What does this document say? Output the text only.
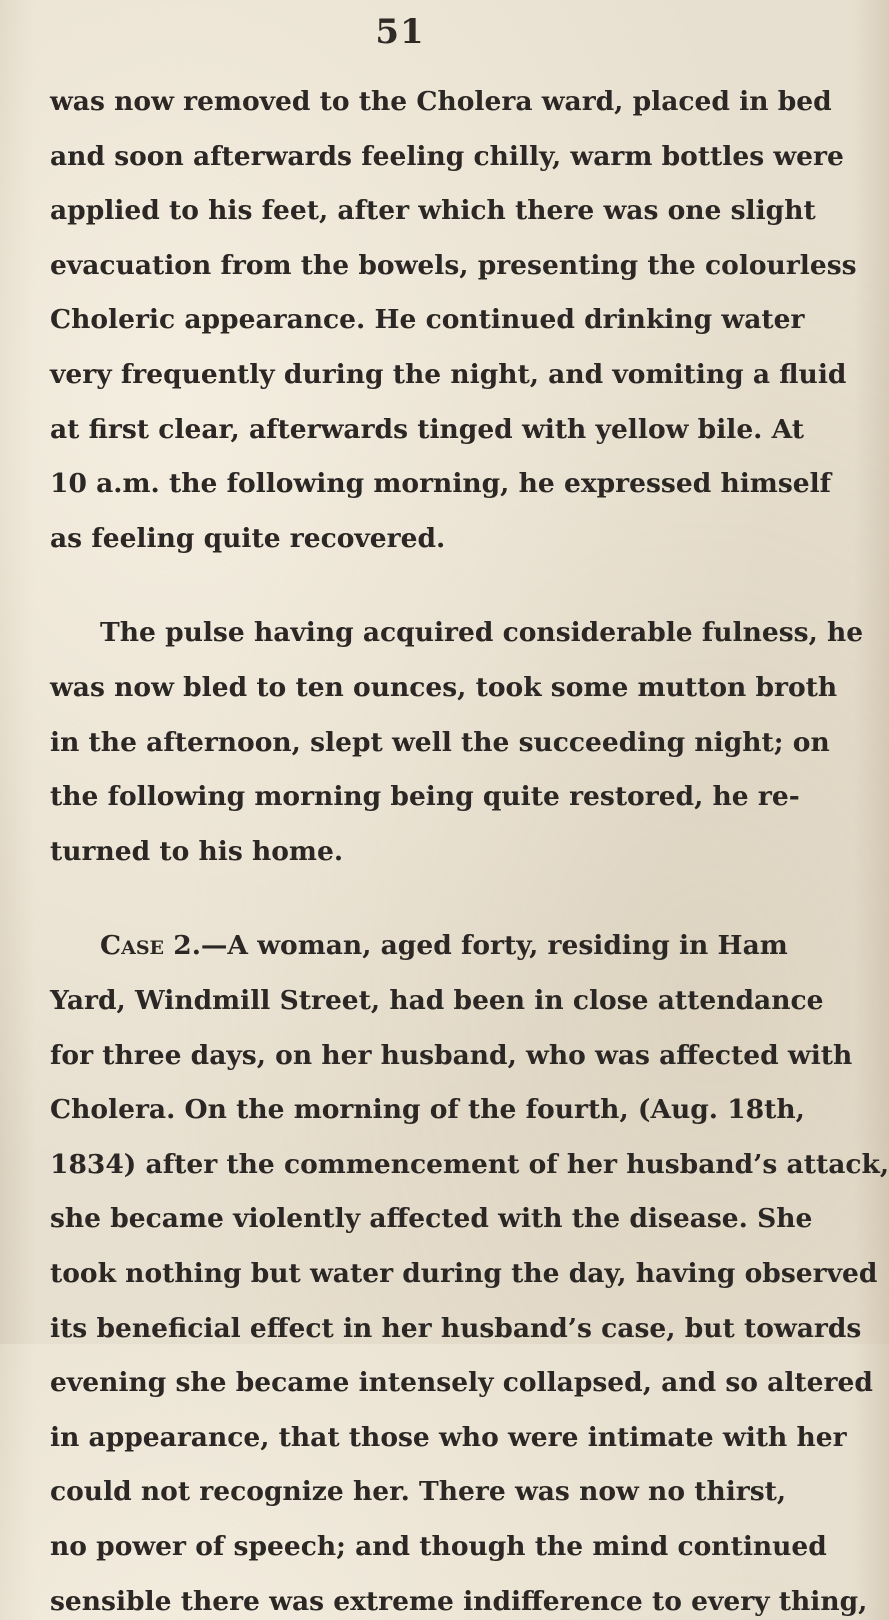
51

was now removed to the Cholera ward, placed in bed

and soon afterwards feeling chilly, warm bottles were

applied to his feet, after which there was one slight

evacuation from the bowels, presenting the colourless

Choleric appearance. He continued drinking water

very frequently during the night, and vomiting a fluid

at first clear, afterwards tinged with yellow bile. At

10 a.m. the following morning, he expressed himself

as feeling quite recovered.

The pulse having acquired considerable fulness, he

was now bled to ten ounces, took some mutton broth

in the afternoon, slept well the succeeding night; on

the following morning being quite restored, he re-

turned to his home.

Case 2.—A woman, aged forty, residing in Ham

Yard, Windmill Street, had been in close attendance

for three days, on her husband, who was affected with

Cholera. On the morning of the fourth, (Aug. 18th,

1834) after the commencement of her husband’s attack,

she became violently affected with the disease. She

took nothing but water during the day, having observed

its beneficial effect in her husband’s case, but towards

evening she became intensely collapsed, and so altered

in appearance, that those who were intimate with her

could not recognize her. There was now no thirst,

no power of speech; and though the mind continued

sensible there was extreme indifference to every thing,
